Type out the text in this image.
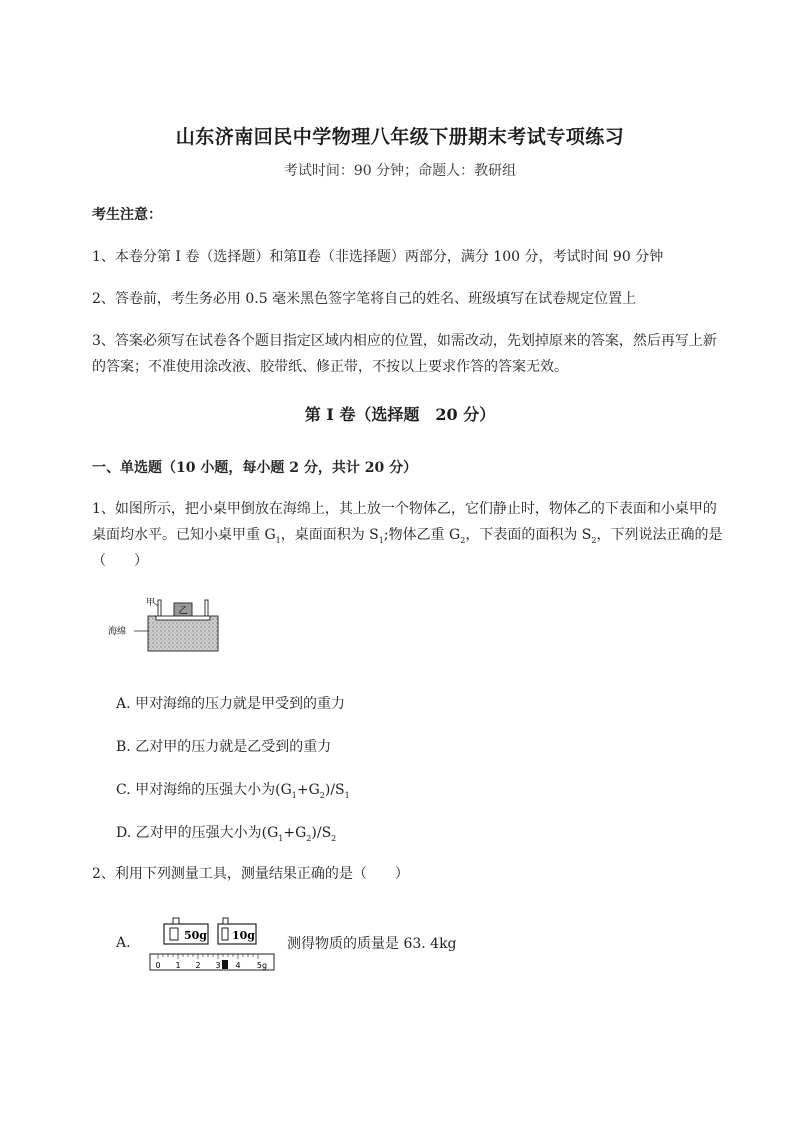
山东济南回民中学物理八年级下册期末考试专项练习
考试时间：90 分钟；命题人：教研组
考生注意：
1、本卷分第 I 卷（选择题）和第Ⅱ卷（非选择题）两部分，满分 100 分，考试时间 90 分钟
2、答卷前，考生务必用 0.5 毫米黑色签字笔将自己的姓名、班级填写在试卷规定位置上
3、答案必须写在试卷各个题目指定区域内相应的位置，如需改动，先划掉原来的答案，然后再写上新
的答案；不准使用涂改液、胶带纸、修正带，不按以上要求作答的答案无效。
第 I 卷（选择题　20 分）
一、单选题（10 小题，每小题 2 分，共计 20 分）
1、如图所示，把小桌甲倒放在海绵上，其上放一个物体乙，它们静止时，物体乙的下表面和小桌甲的
桌面均水平。已知小桌甲重 $G_1$，桌面面积为 $S_1$;物体乙重 $G_2$，下表面的面积为 $S_2$，下列说法正确的是
（　　）
乙
甲
海绵
A. 甲对海绵的压力就是甲受到的重力
B. 乙对甲的压力就是乙受到的重力
C. 甲对海绵的压强大小为$(G_1+G_2)/S_1$
D. 乙对甲的压强大小为$(G_1+G_2)/S_2$
2、利用下列测量工具，测量结果正确的是（　　）
A.	50g 10g
0 1 2 3 4 5g
测得物质的质量是 63. 4kg
